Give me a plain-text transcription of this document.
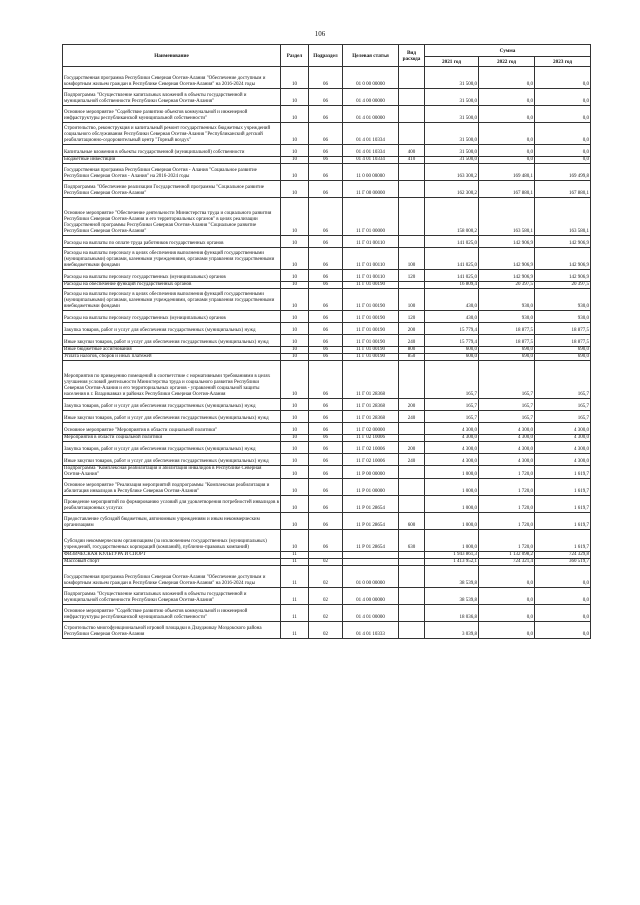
106
Наименование	Раздел	Подраздел	Целевая статья	Вид расхода	Сумма		
					2021 год	2022 год	2023 год
Государственная программа Республики Северная Осетия-Алания "Обеспечение доступным и комфортным жильем граждан в Республике Северная Осетия-Алания" на 2016-2024 годы	10	06	01 0 00 00000		31 500,0	0,0	0,0
Подпрограмма "Осуществление капитальных вложений в объекты государственной и муниципальной собственности Республики Северная Осетия-Алания"	10	06	01 4 00 00000		31 500,0	0,0	0,0
Основное мероприятие "Содействие развитию объектов коммунальной и инженерной инфраструктуры республиканской муниципальной собственности"	10	06	01 4 01 00000		31 500,0	0,0	0,0
Строительство, реконструкция и капитальный ремонт государственных бюджетных учреждений социального обслуживания Республики Северная Осетия-Алания "Республиканский детский реабилитационно-оздоровительный центр "Горный воздух"	10	06	01 4 01 10334		31 500,0	0,0	0,0
Капитальные вложения в объекты государственной (муниципальной) собственности	10	06	01 4 01 10334	400	31 500,0	0,0	0,0
Бюджетные инвестиции	10	06	01 4 01 10334	410	31 500,0	0,0	0,0
Государственная программа Республики Северная Осетия - Алания "Социальное развитие Республики Северная Осетия - Алания" на 2016-2024 годы	10	06	11 0 00 00000		163 300,2	169 480,1	169 499,8
Подпрограмма "Обеспечение реализации Государственной программы "Социальное развитие Республики Северная Осетия-Алания"	10	06	11 Г 00 00000		162 300,2	167 880,1	167 880,1
Основное мероприятие "Обеспечение деятельности Министерства труда и социального развития Республики Северная Осетия-Алания и его территориальных органов" в целях реализации Государственной программы Республики Северная Осетия-Алания "Социальное развитие Республики Северная Осетия-Алания"	10	06	11 Г 01 00000		158 000,2	163 580,1	163 580,1
Расходы на выплаты по оплате труда работников государственных органов	10	06	11 Г 01 00110		141 025,0	142 906,9	142 906,9
Расходы на выплаты персоналу в целях обеспечения выполнения функций государственными (муниципальными) органами, казенными учреждениями, органами управления государственными внебюджетными фондами	10	06	11 Г 01 00110	100	141 025,0	142 906,9	142 906,9
Расходы на выплаты персоналу государственных (муниципальных) органов	10	06	11 Г 01 00110	120	141 025,0	142 906,9	142 906,9
Расходы на обеспечение функций государственных органов	10	06	11 Г 01 00190		16 809,4	20 397,5	20 397,5
Расходы на выплаты персоналу в целях обеспечения выполнения функций государственными (муниципальными) органами, казенными учреждениями, органами управления государственными внебюджетными фондами	10	06	11 Г 01 00190	100	430,0	930,0	930,0
Расходы на выплаты персоналу государственных (муниципальных) органов	10	06	11 Г 01 00190	120	430,0	930,0	930,0
Закупка товаров, работ и услуг для обеспечения государственных (муниципальных) нужд	10	06	11 Г 01 00190	200	15 779,4	18 877,5	18 877,5
Иные закупки товаров, работ и услуг для обеспечения государственных (муниципальных) нужд	10	06	11 Г 01 00190	240	15 779,4	18 877,5	18 877,5
Иные бюджетные ассигнования	10	06	11 Г 01 00190	800	600,0	690,0	690,0
Уплата налогов, сборов и иных платежей	10	06	11 Г 01 00190	850	600,0	690,0	690,0
Мероприятия по приведению помещений в соответствие с нормативными требованиями в целях улучшения условий деятельности Министерства труда и социального развития Республики Северная Осетия-Алания и его территориальных органов - управлений социальной защиты населения в г. Владикавказ и районах Республики Северная Осетия-Алания	10	06	11 Г 01 28368		165,7	165,7	165,7
Закупка товаров, работ и услуг для обеспечения государственных (муниципальных) нужд	10	06	11 Г 01 28368	200	165,7	165,7	165,7
Иные закупки товаров, работ и услуг для обеспечения государственных (муниципальных) нужд	10	06	11 Г 01 28368	240	165,7	165,7	165,7
Основное мероприятие "Мероприятия в области социальной политики"	10	06	11 Г 02 00000		4 300,0	4 300,0	4 300,0
Мероприятия в области социальной политики	10	06	11 Г 02 10006		4 300,0	4 300,0	4 300,0
Закупка товаров, работ и услуг для обеспечения государственных (муниципальных) нужд	10	06	11 Г 02 10006	200	4 300,0	4 300,0	4 300,0
Иные закупки товаров, работ и услуг для обеспечения государственных (муниципальных) нужд	10	06	11 Г 02 10006	240	4 300,0	4 300,0	4 300,0
Подпрограмма "Комплексная реабилитация и абилитация инвалидов в Республике Северная Осетия-Алания"	10	06	11 Р 00 00000		1 000,0	1 720,0	1 619,7
Основное мероприятие "Реализация мероприятий подпрограммы "Комплексная реабилитация и абилитация инвалидов в Республике Северная Осетия-Алания"	10	06	11 Р 01 00000		1 000,0	1 720,0	1 619,7
Проведение мероприятий по формированию условий для удовлетворения потребностей инвалидов в реабилитационных услугах	10	06	11 Р 01 28654		1 000,0	1 720,0	1 619,7
Предоставление субсидий бюджетным, автономным учреждениям и иным некоммерческим организациям	10	06	11 Р 01 28654	600	1 000,0	1 720,0	1 619,7
Субсидии некоммерческим организациям (за исключением государственных (муниципальных) учреждений, государственных корпораций (компаний), публично-правовых компаний)	10	06	11 Р 01 28654	630	1 000,0	1 720,0	1 619,7
ФИЗИЧЕСКАЯ КУЛЬТУРА И СПОРТ	11				1 943 861,3	1 132 098,2	724 329,8
Массовый спорт	11	02			1 413 952,1	724 321,4	360 519,7
Государственная программа Республики Северная Осетия-Алания "Обеспечение доступным и комфортным жильем граждан в Республике Северная Осетия-Алания" на 2016-2024 годы	11	02	01 0 00 00000		38 539,8	0,0	0,0
Подпрограмма "Осуществление капитальных вложений в объекты государственной и муниципальной собственности Республики Северная Осетия-Алания"	11	02	01 4 00 00000		38 539,8	0,0	0,0
Основное мероприятие "Содействие развитию объектов коммунальной и инженерной инфраструктуры республиканской муниципальной собственности"	11	02	01 4 01 00000		18 036,8	0,0	0,0
Строительство многофункциональной игровой площадки в Дзауджикау Моздокского района Республики Северная Осетия-Алания	11	02	01 4 01 10333		3 039,8	0,0	0,0
